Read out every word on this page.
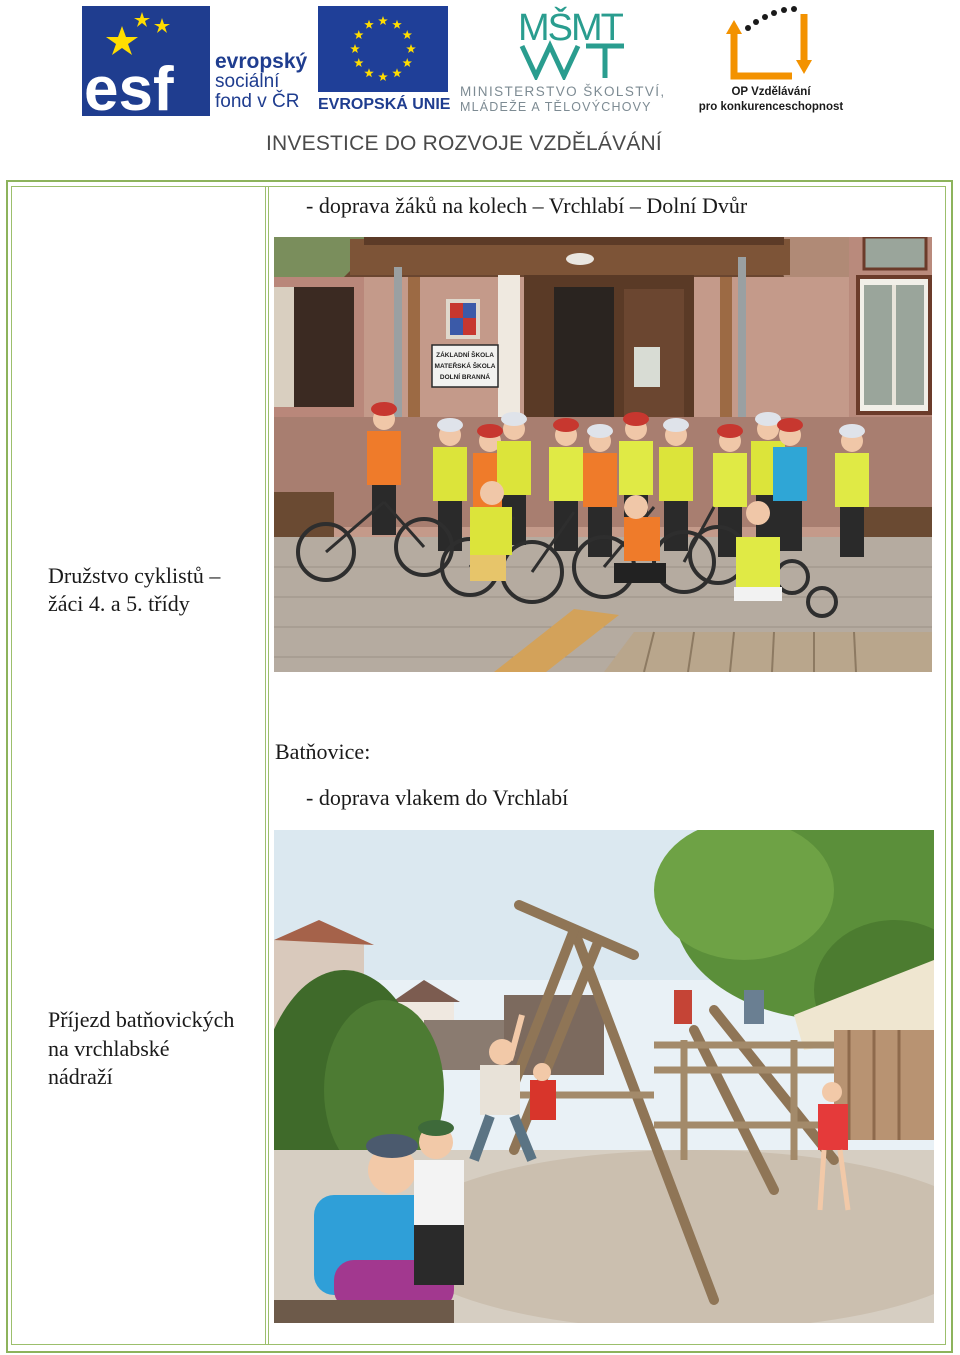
esf evropský
sociální
fond v ČR	EVROPSKÁ UNIE
MŠMT
MINISTERSTVO ŠKOLSTVÍ,
MLÁDEŽE A TĚLOVÝCHOVY
OP Vzdělávání
pro konkurenceschopnost
INVESTICE DO ROZVOJE VZDĚLÁVÁNÍ
- doprava žáků na kolech – Vrchlabí – Dolní Dvůr
ZÁKLADNÍ ŠKOLA
MATEŘSKÁ ŠKOLA
DOLNÍ BRANNÁ
Družstvo cyklistů –
žáci 4. a 5. třídy
Batňovice:
- doprava vlakem do Vrchlabí
Příjezd batňovických
na vrchlabské
nádraží
